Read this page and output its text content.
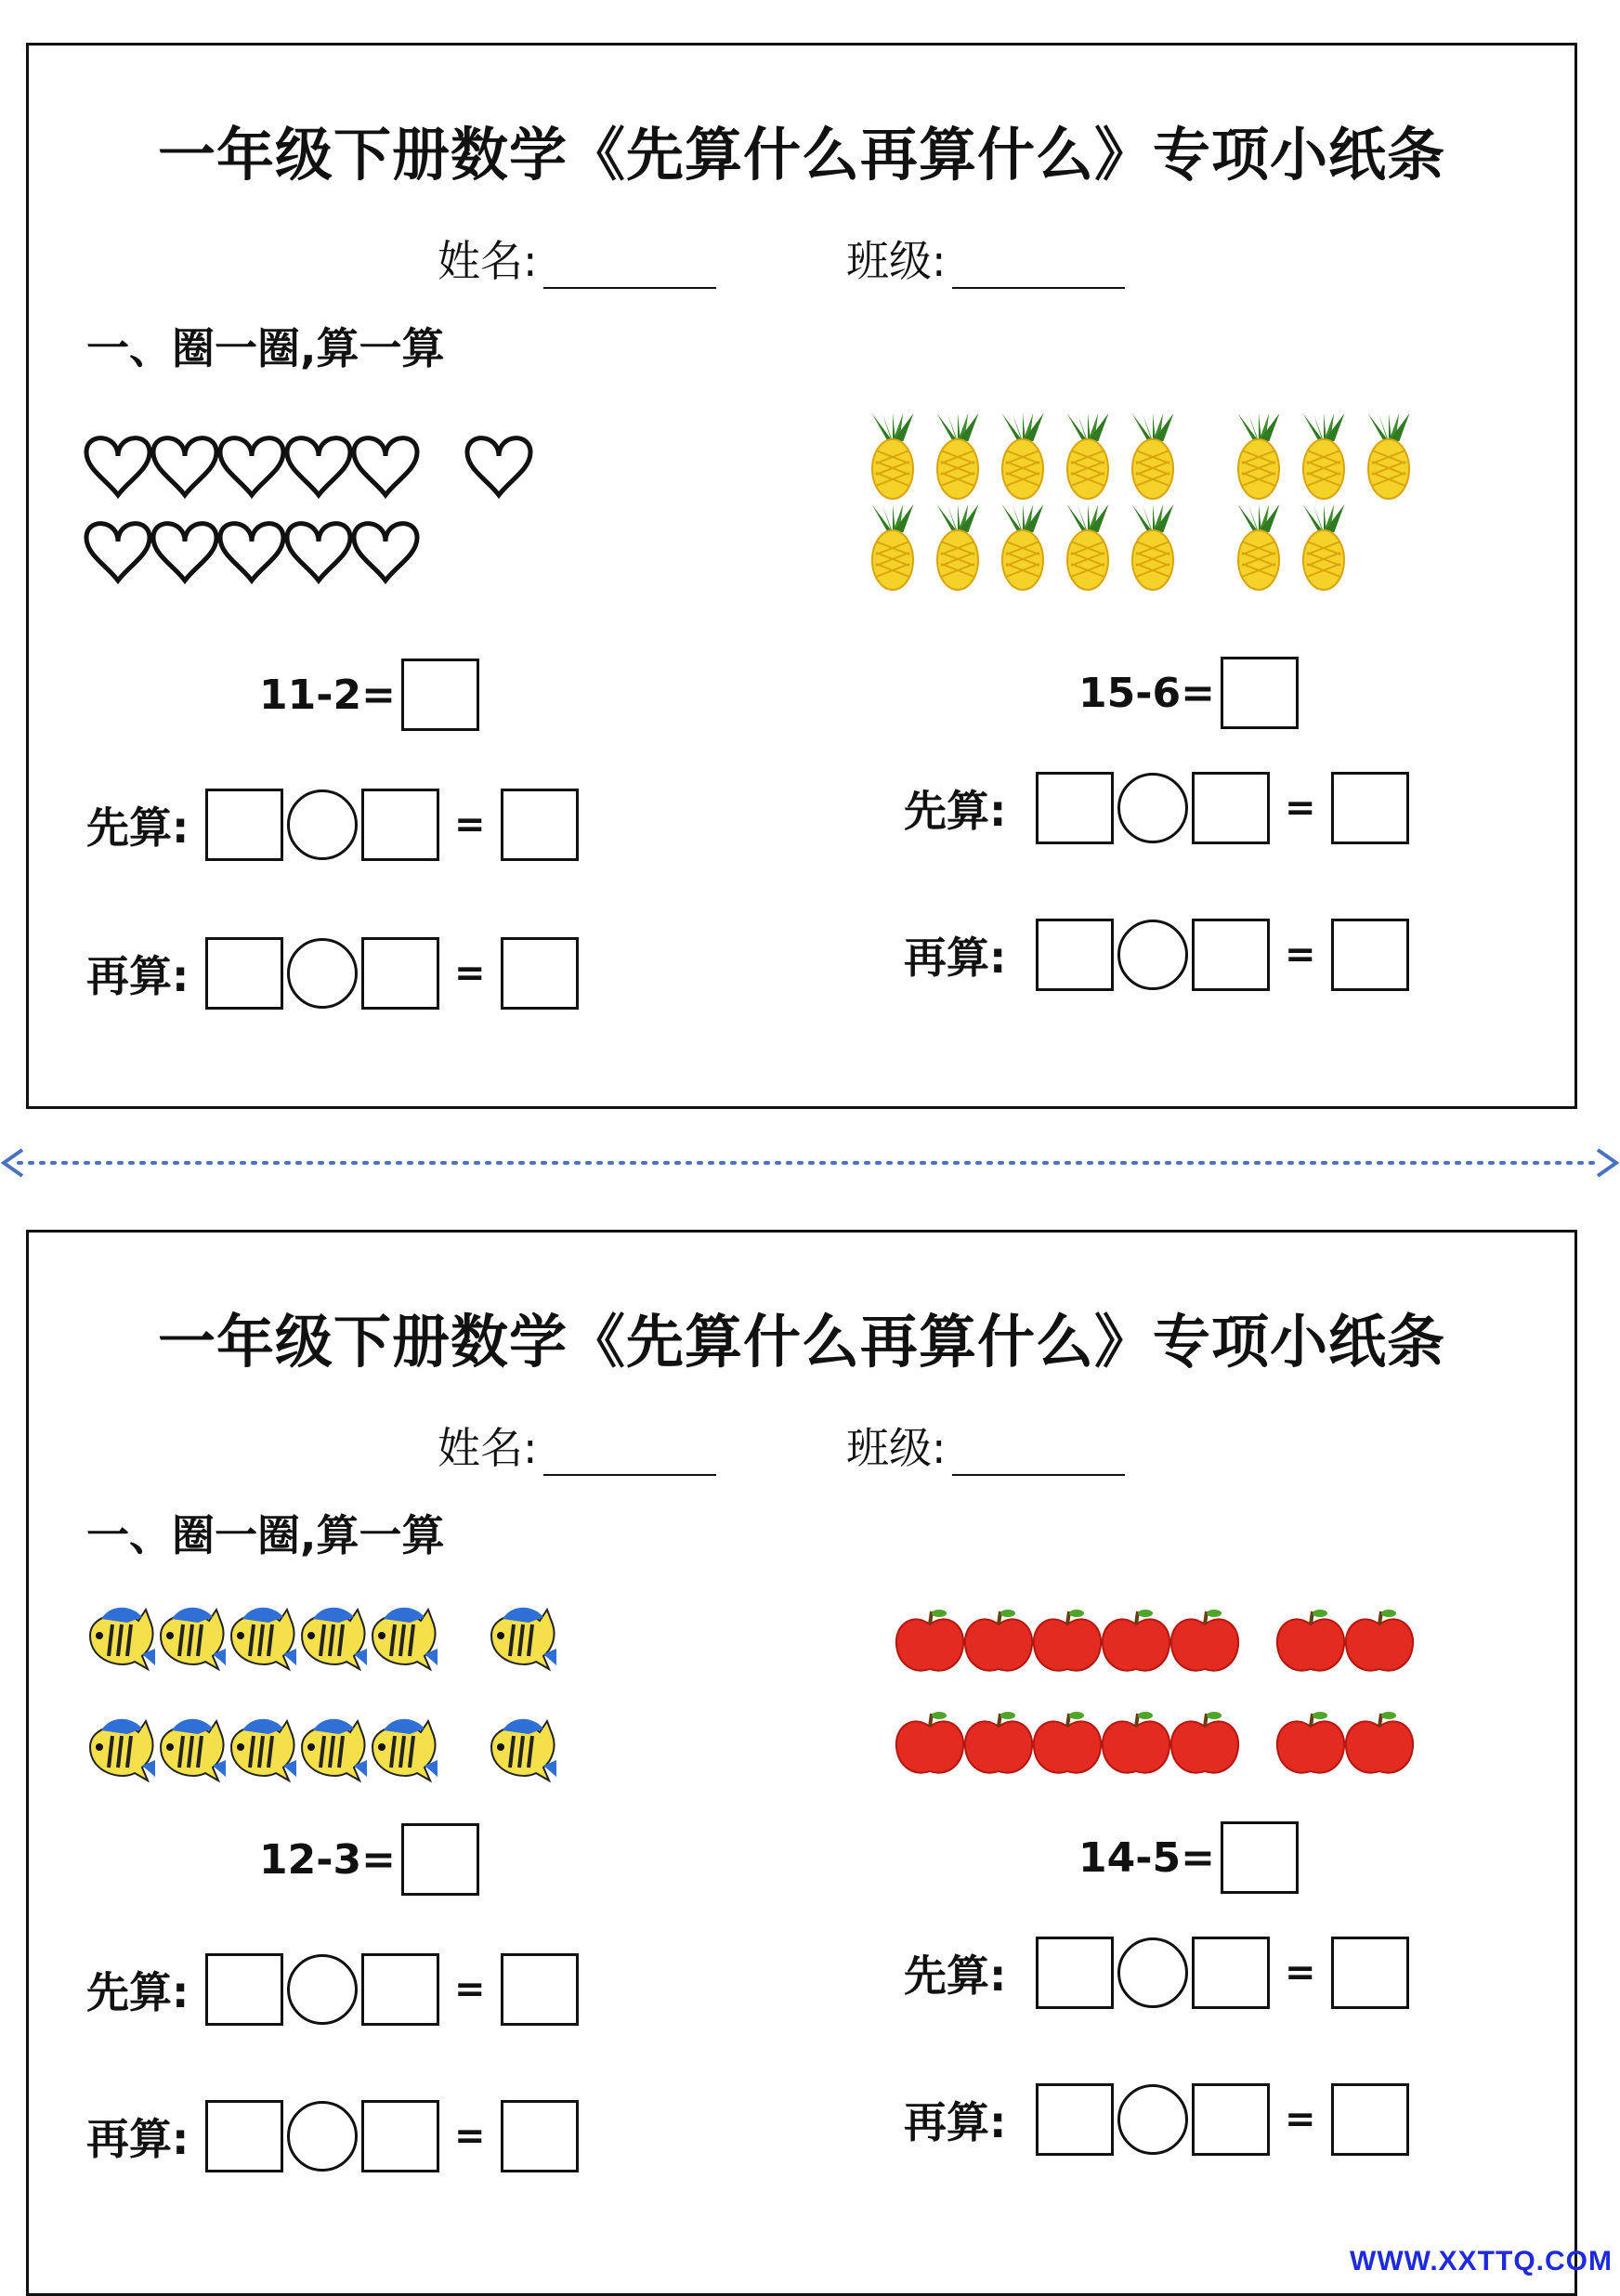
一年级下册数学《先算什么再算什么》专项小纸条
姓名:	班级:
一、圈一圈,算一算
11-2=
先算:	=
再算:	=
15-6=
先算:	=
再算:	=
一年级下册数学《先算什么再算什么》专项小纸条
姓名:	班级:
一、圈一圈,算一算
12-3=
先算:	=
再算:	=
14-5=
先算:	=
再算:	=
WWW.XXTTQ.COM
